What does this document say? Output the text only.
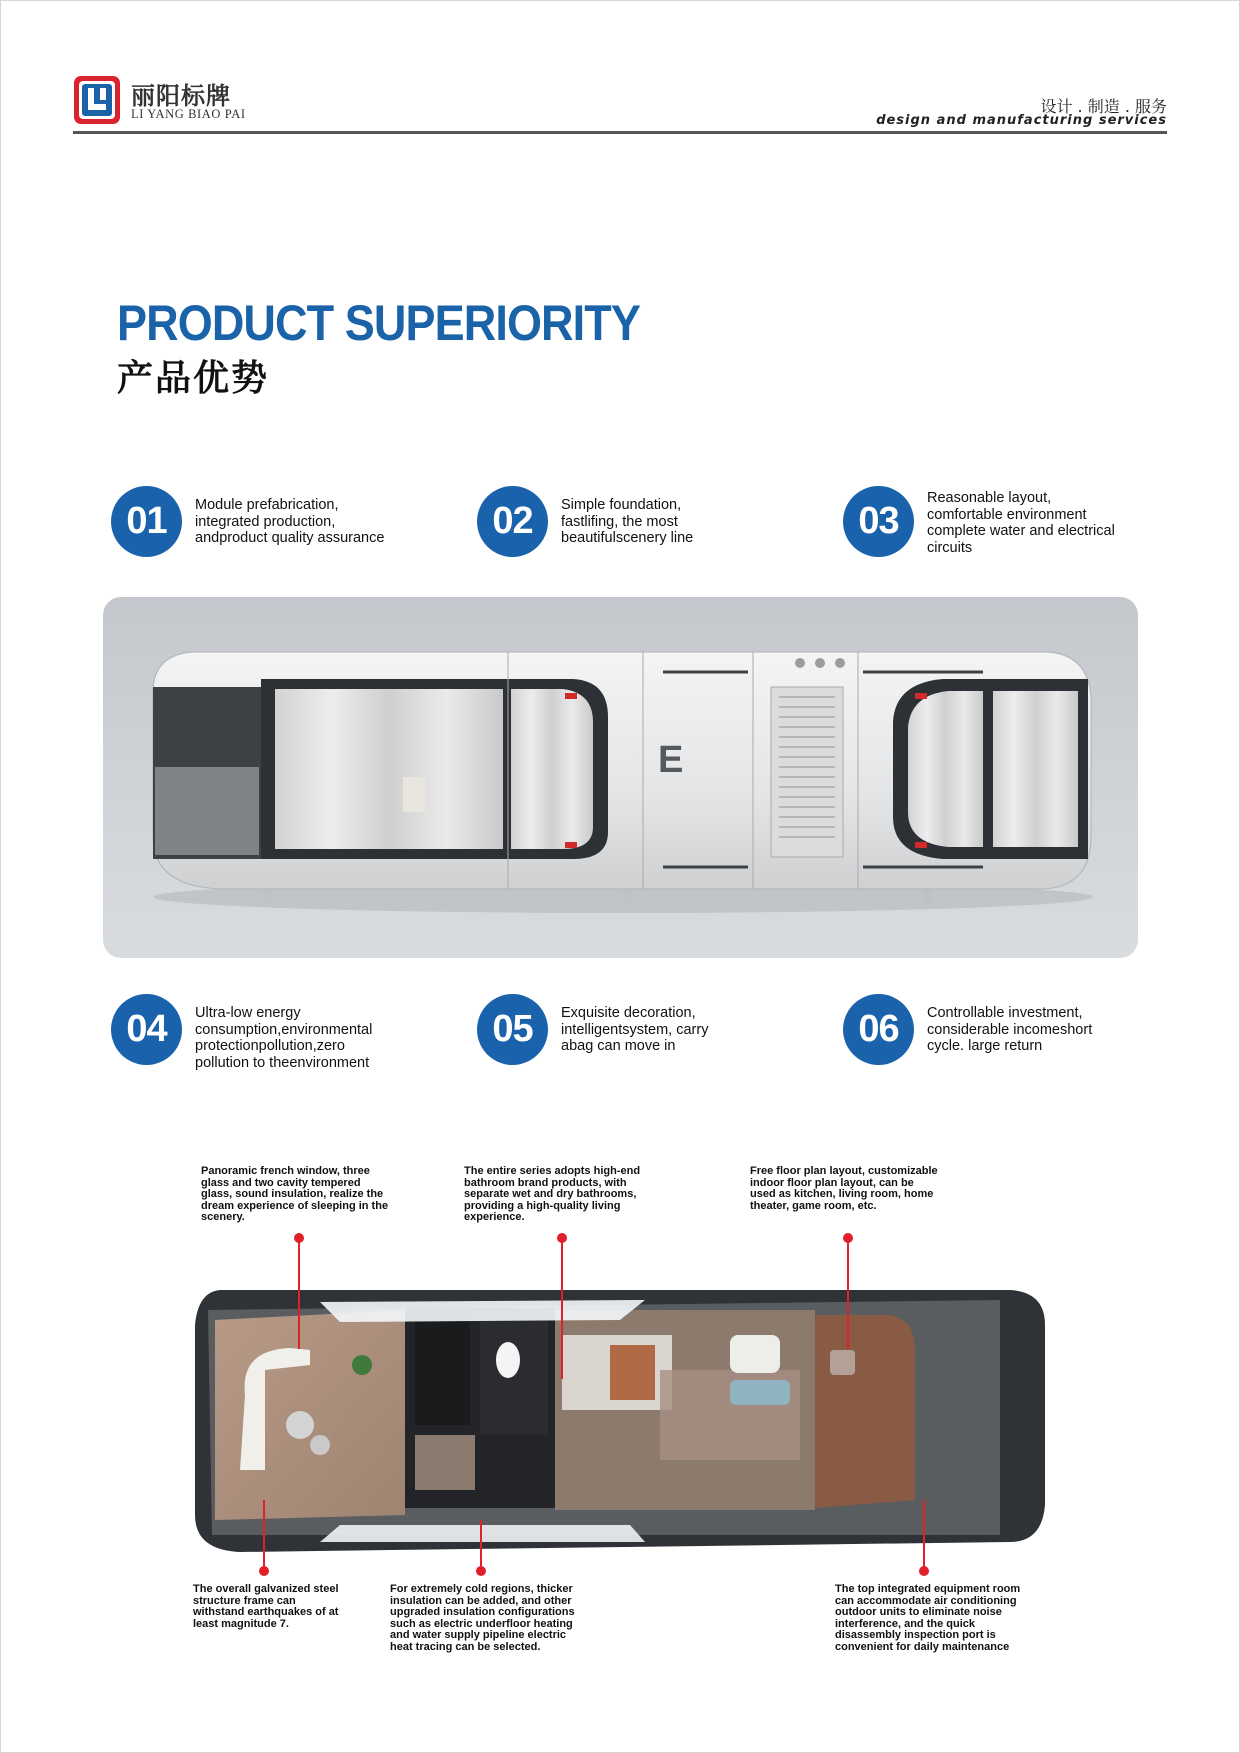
丽阳标牌
LI YANG BIAO PAI	设计 . 制造 . 服务
design and manufacturing services
PRODUCT SUPERIORITY
产品优势
01	Module prefabrication,
integrated production,
andproduct quality assurance	02	Simple foundation,
fastlifing, the most
beautifulscenery line	03
Reasonable layout,
comfortable environment
complete water and electrical
circuits
E
04	Ultra-low energy
consumption,environmental
protectionpollution,zero
pollution to theenvironment
05	Exquisite decoration,
intelligentsystem, carry
abag can move in	06	Controllable investment,
considerable incomeshort
cycle. large return
Panoramic french window, three
glass and two cavity tempered
glass, sound insulation, realize the
dream experience of sleeping in the
scenery.
The entire series adopts high-end
bathroom brand products, with
separate wet and dry bathrooms,
providing a high-quality living
experience.
Free floor plan layout, customizable
indoor floor plan layout, can be
used as kitchen, living room, home
theater, game room, etc.
The overall galvanized steel
structure frame can
withstand earthquakes of at
least magnitude 7.
For extremely cold regions, thicker
insulation can be added, and other
upgraded insulation configurations
such as electric underfloor heating
and water supply pipeline electric
heat tracing can be selected.
The top integrated equipment room
can accommodate air conditioning
outdoor units to eliminate noise
interference, and the quick
disassembly inspection port is
convenient for daily maintenance
